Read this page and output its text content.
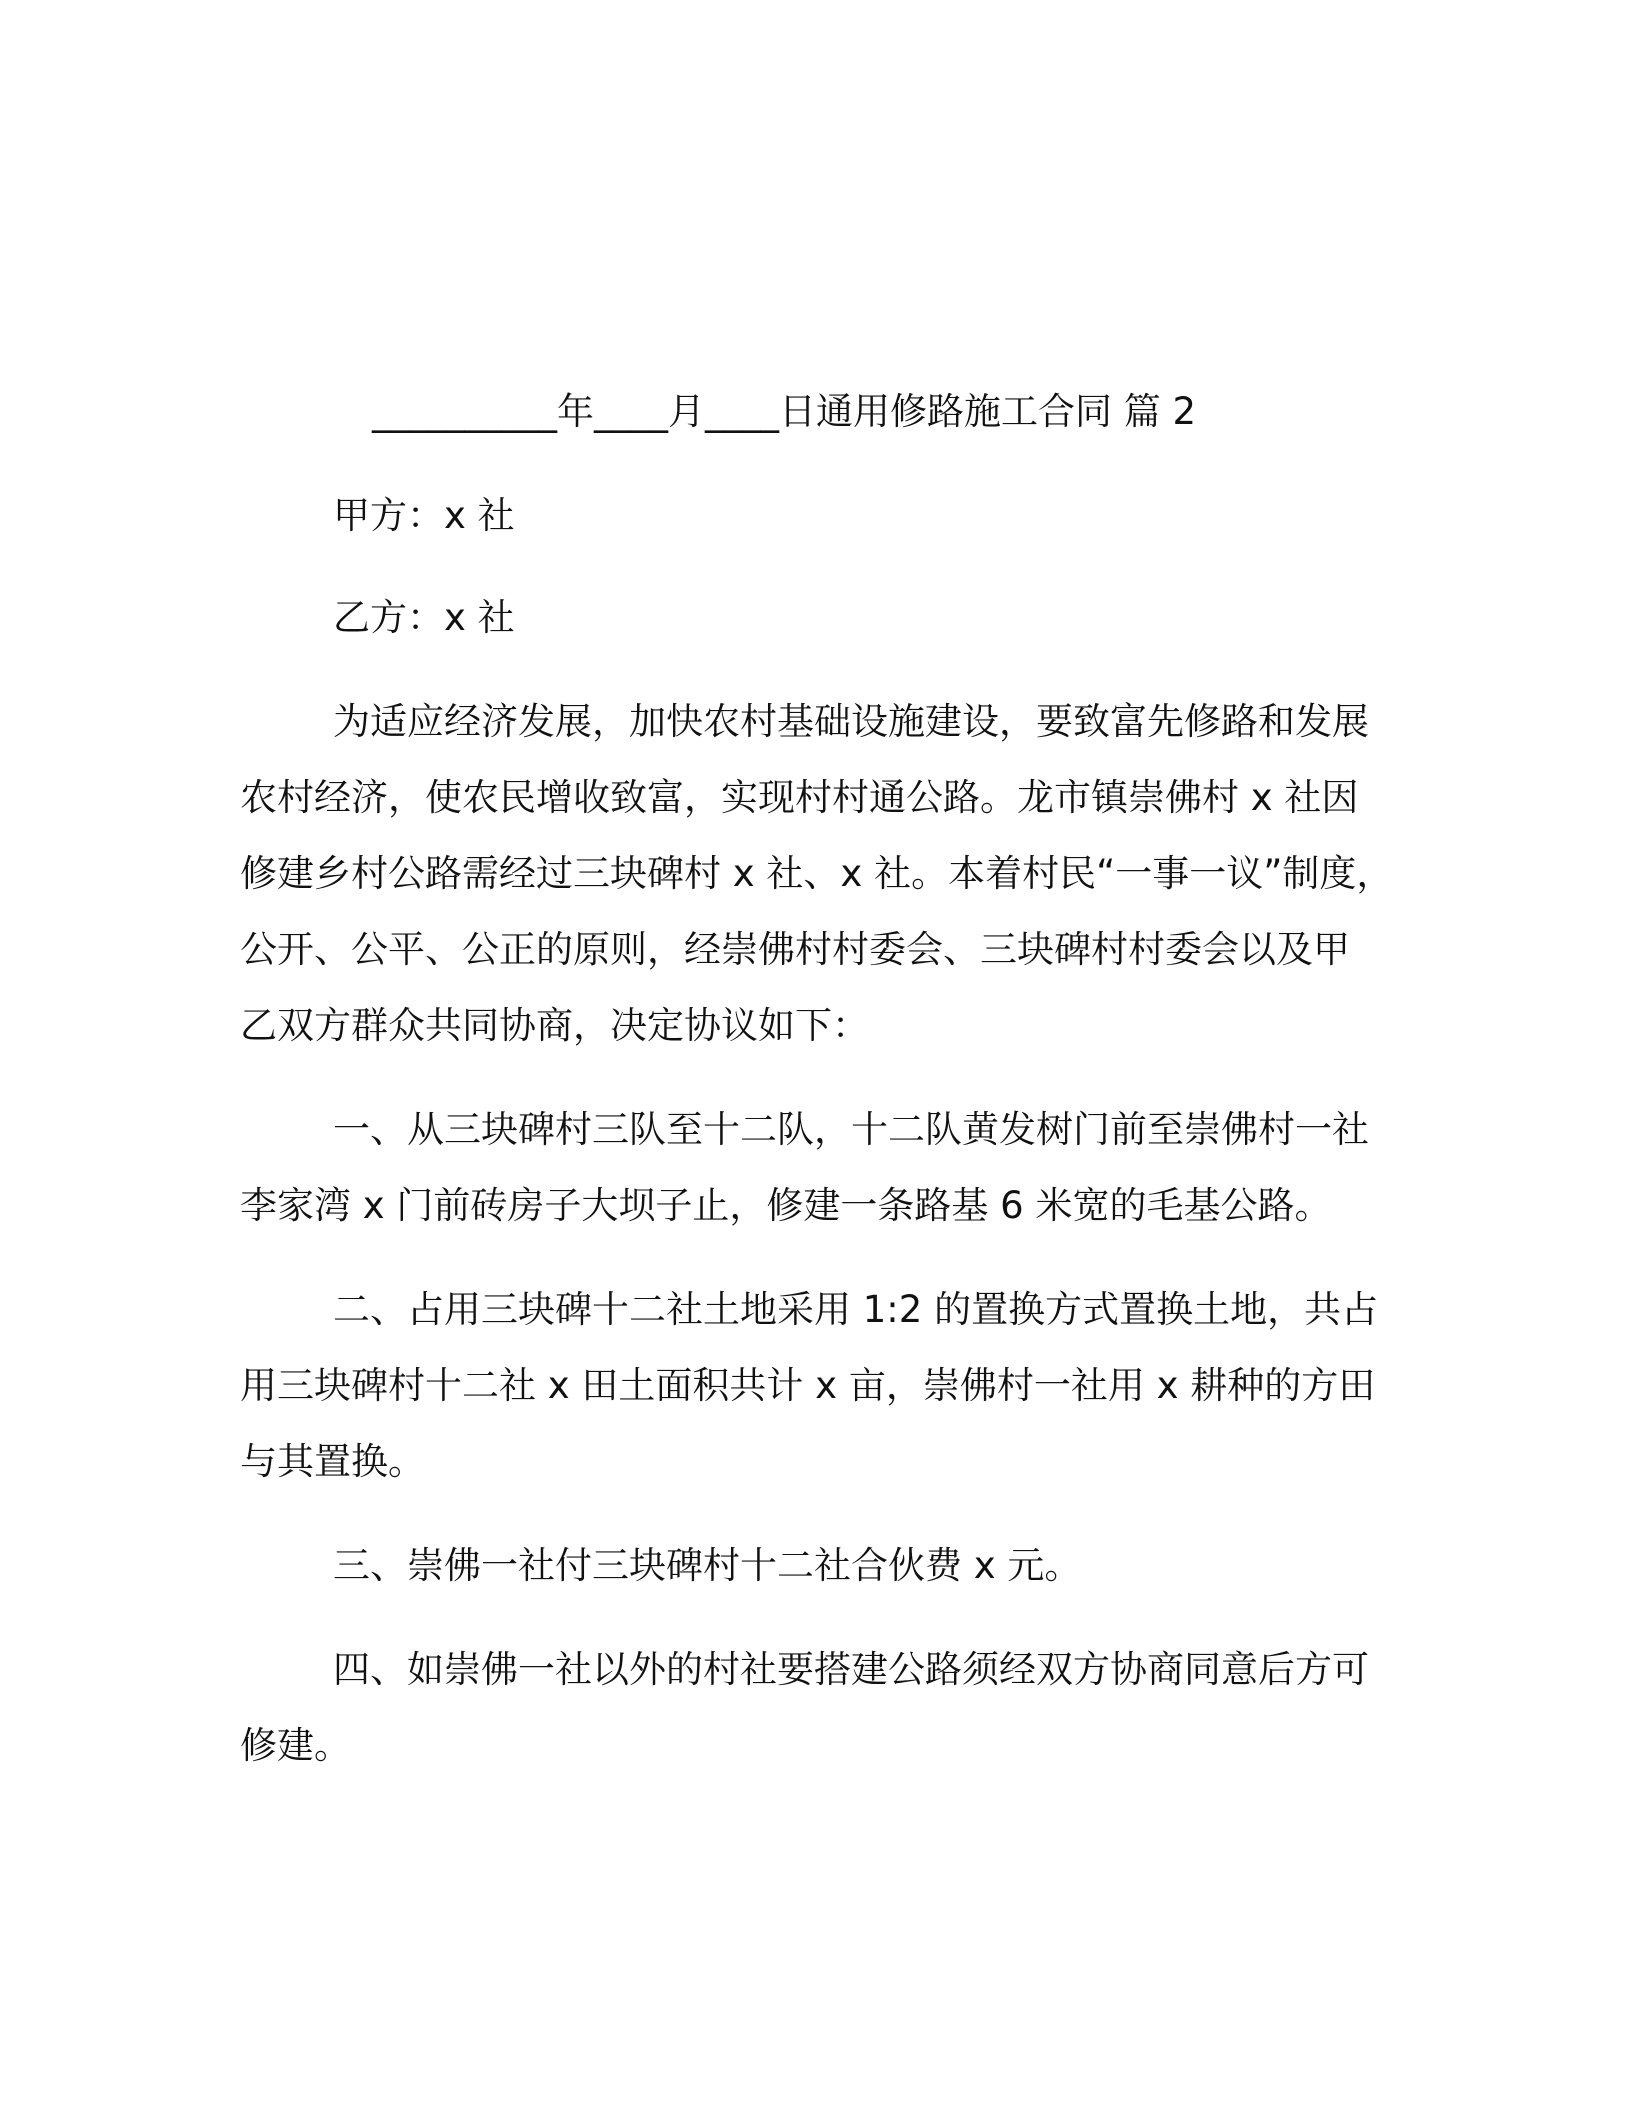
__________年____月____日通用修路施工合同 篇 2
甲方：x 社
乙方：x 社
为适应经济发展，加快农村基础设施建设，要致富先修路和发展
农村经济，使农民增收致富，实现村村通公路。龙市镇崇佛村 x 社因
修建乡村公路需经过三块碑村 x 社、x 社。本着村民“一事一议”制度，
公开、公平、公正的原则，经崇佛村村委会、三块碑村村委会以及甲
乙双方群众共同协商，决定协议如下：
一、从三块碑村三队至十二队，十二队黄发树门前至崇佛村一社
李家湾 x 门前砖房子大坝子止，修建一条路基 6 米宽的毛基公路。
二、占用三块碑十二社土地采用 1:2 的置换方式置换土地，共占
用三块碑村十二社 x 田土面积共计 x 亩，崇佛村一社用 x 耕种的方田
与其置换。
三、崇佛一社付三块碑村十二社合伙费 x 元。
四、如崇佛一社以外的村社要搭建公路须经双方协商同意后方可
修建。
